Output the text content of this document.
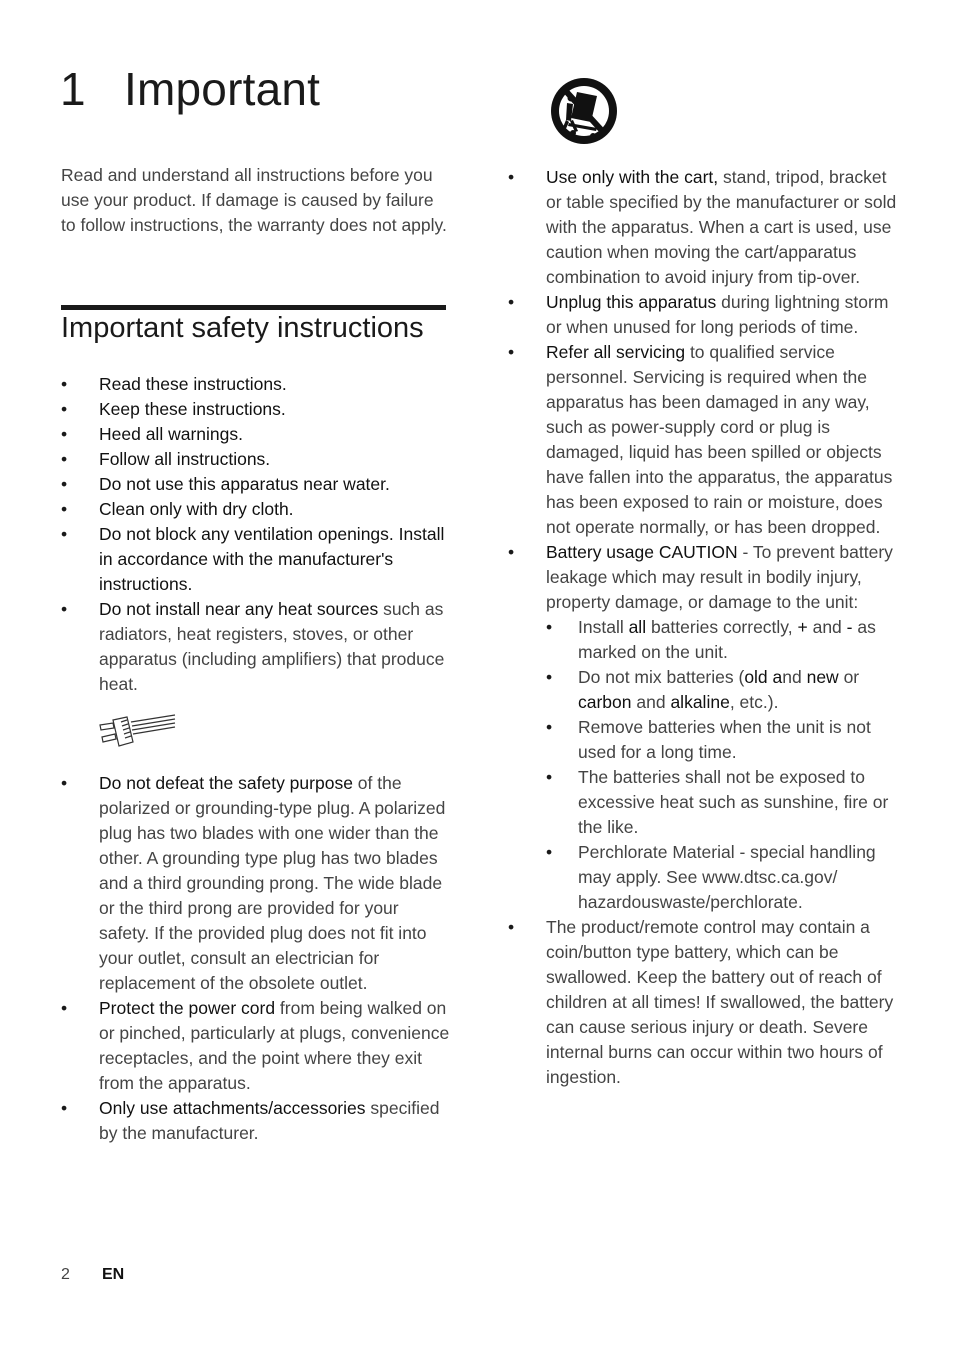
1 Important

Read and understand all instructions before you use your product. If damage is caused by failure to follow instructions, the warranty does not apply.

Important safety instructions
• Read these instructions.
• Keep these instructions.
• Heed all warnings.
• Follow all instructions.
• Do not use this apparatus near water.
• Clean only with dry cloth.
• Do not block any ventilation openings. Install in accordance with the manufacturer's instructions.
• Do not install near any heat sources such as radiators, heat registers, stoves, or other apparatus (including amplifiers) that produce heat.
• Do not defeat the safety purpose of the polarized or grounding-type plug. A polarized plug has two blades with one wider than the other. A grounding type plug has two blades and a third grounding prong. The wide blade or the third prong are provided for your safety. If the provided plug does not fit into your outlet, consult an electrician for replacement of the obsolete outlet.
• Protect the power cord from being walked on or pinched, particularly at plugs, convenience receptacles, and the point where they exit from the apparatus.
• Only use attachments/accessories specified by the manufacturer.
• Use only with the cart, stand, tripod, bracket or table specified by the manufacturer or sold with the apparatus. When a cart is used, use caution when moving the cart/apparatus combination to avoid injury from tip-over.
• Unplug this apparatus during lightning storm or when unused for long periods of time.
• Refer all servicing to qualified service personnel. Servicing is required when the apparatus has been damaged in any way, such as power-supply cord or plug is damaged, liquid has been spilled or objects have fallen into the apparatus, the apparatus has been exposed to rain or moisture, does not operate normally, or has been dropped.
• Battery usage CAUTION - To prevent battery leakage which may result in bodily injury, property damage, or damage to the unit:
• Install all batteries correctly, + and - as marked on the unit.
• Do not mix batteries (old and new or carbon and alkaline, etc.).
• Remove batteries when the unit is not used for a long time.
• The batteries shall not be exposed to excessive heat such as sunshine, fire or the like.
• Perchlorate Material - special handling may apply. See www.dtsc.ca.gov/ hazardouswaste/perchlorate.
• The product/remote control may contain a coin/button type battery, which can be swallowed. Keep the battery out of reach of children at all times! If swallowed, the battery can cause serious injury or death. Severe internal burns can occur within two hours of ingestion.
2 EN
